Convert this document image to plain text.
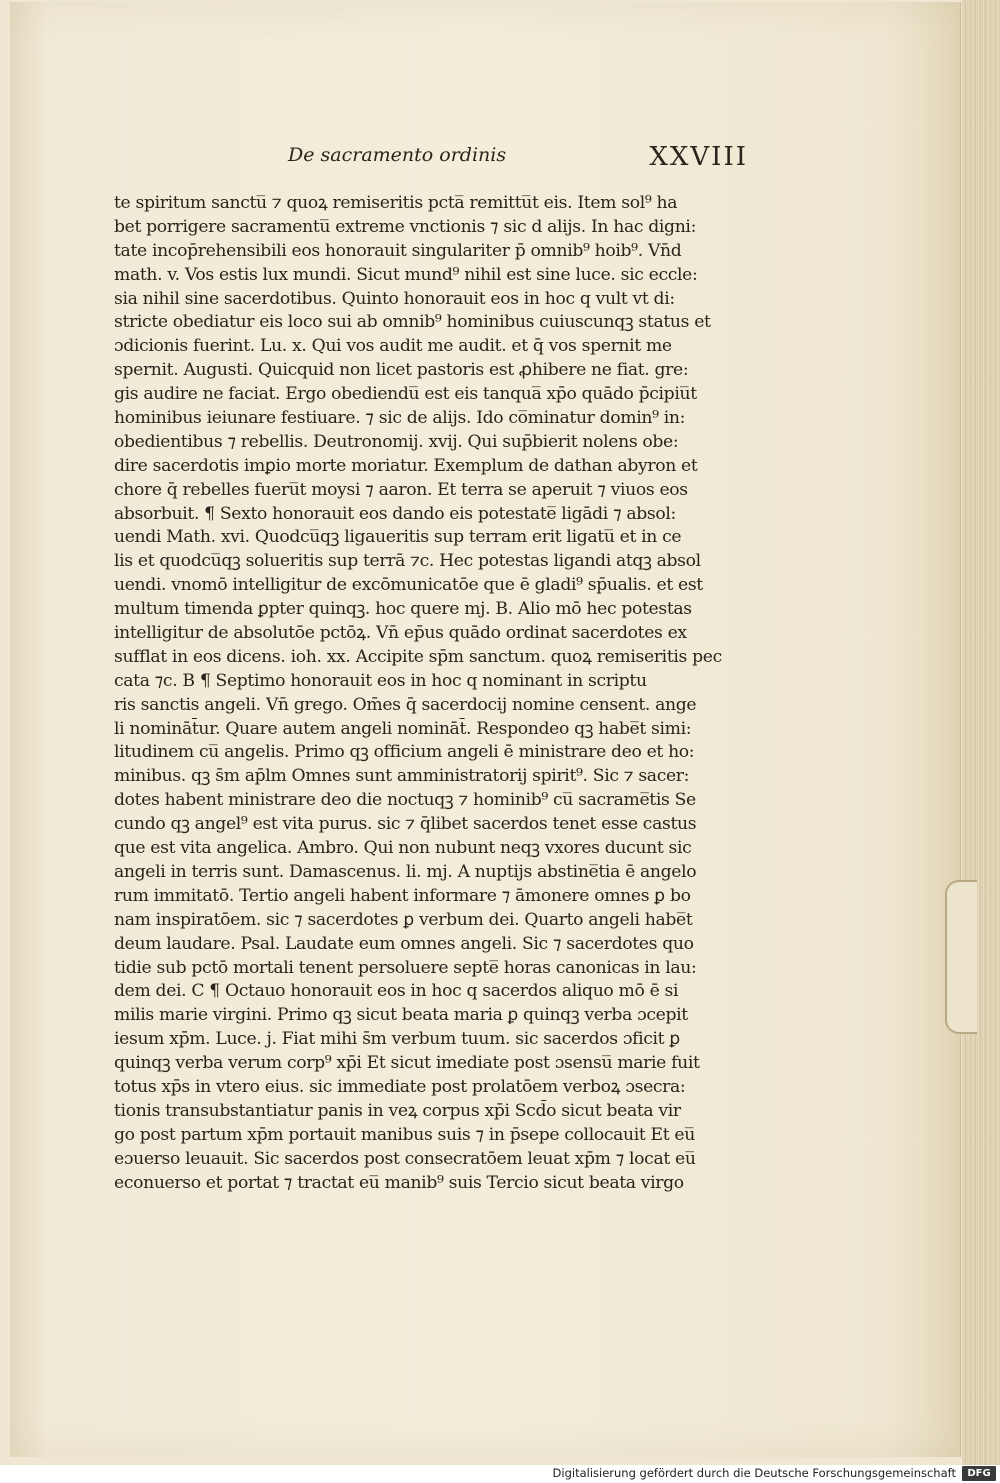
De sacramento ordinis	XXVIII
te spiritum sanctu̅ ⁊ quoꝝ remiseritis pcta̅ remittu̅t eis. Item sol⁹ ha
bet porrigere sacramentu̅ extreme vnctionis ⁊ sic d alijs. In hac digni:
tate incop̄rehensibili eos honorauit singulariter p̄ omnib⁹ hoib⁹. Vn̄d
math. v. Vos estis lux mundi. Sicut mund⁹ nihil est sine luce. sic eccle:
sia nihil sine sacerdotibus. Quinto honorauit eos in hoc q vult vt di:
stricte obediatur eis loco sui ab omnib⁹ hominibus cuiuscunqꝫ status et
ɔdicionis fuerint. Lu. x. Qui vos audit me audit. et q̄ vos spernit me
spernit. Augusti. Quicquid non licet pastoris est ꝓhibere ne fiat. gre:
gis audire ne faciat. Ergo obediendu̅ est eis tanqua̅ xp̄o quādo p̄cipiu̅t
hominibus ieiunare festiuare. ⁊ sic de alijs. Ido co̅minatur domin⁹ in:
obedientibus ⁊ rebellis. Deutronomij. xvij. Qui sup̄bierit nolens obe:
dire sacerdotis imꝑio morte moriatur. Exemplum de dathan abyron et
chore q̄ rebelles fueru̅t moysi ⁊ aaron. Et terra se aperuit ⁊ viuos eos
absorbuit. ¶ Sexto honorauit eos dando eis potestate̅ ligādi ⁊ absol:
uendi Math. xvi. Quodcu̅qꝫ ligaueritis sup terram erit ligatu̅ et in ce
lis et quodcu̅qꝫ solueritis sup terrā ⁊c. Hec potestas ligandi atqꝫ absol
uendi. vnomō intelligitur de excōmunicatōe que ē gladi⁹ sp̄ualis. et est
multum timenda ꝑpter quinqꝫ. hoc quere mj. B. Alio mō hec potestas
intelligitur de absolutōe pctōꝝ. Vn̄ ep̄us quādo ordinat sacerdotes ex
sufflat in eos dicens. ioh. xx. Accipite sp̄m sanctum. quoꝝ remiseritis pec
cata ⁊c. B ¶ Septimo honorauit eos in hoc q nominant in scriptu
ris sanctis angeli. Vn̄ grego. Om̄es q̄ sacerdocij nomine censent. ange
li nomināt̄ur. Quare autem angeli nomināt̄. Respondeo qꝫ habe̅t simi:
litudinem cu̅ angelis. Primo qꝫ officium angeli ē ministrare deo et ho:
minibus. qꝫ s̄m ap̄lm Omnes sunt amministratorij spirit⁹. Sic ⁊ sacer:
dotes habent ministrare deo die noctuqꝫ ⁊ hominib⁹ cu̅ sacrame̅tis Se
cundo qꝫ angel⁹ est vita purus. sic ⁊ q̄libet sacerdos tenet esse castus
que est vita angelica. Ambro. Qui non nubunt neqꝫ vxores ducunt sic
angeli in terris sunt. Damascenus. li. mj. A nuptijs abstine̅tia ē angelo
rum immitatō. Tertio angeli habent informare ⁊ āmonere omnes ꝑ bo
nam inspiratōem. sic ⁊ sacerdotes ꝑ verbum dei. Quarto angeli habe̅t
deum laudare. Psal. Laudate eum omnes angeli. Sic ⁊ sacerdotes quo
tidie sub pctō mortali tenent persoluere septe̅ horas canonicas in lau:
dem dei. C ¶ Octauo honorauit eos in hoc q sacerdos aliquo mō ē si
milis marie virgini. Primo qꝫ sicut beata maria ꝑ quinqꝫ verba ɔcepit
iesum xp̄m. Luce. j. Fiat mihi s̄m verbum tuum. sic sacerdos ɔficit ꝑ
quinqꝫ verba verum corp⁹ xp̄i Et sicut imediate post ɔsensu̅ marie fuit
totus xp̄s in vtero eius. sic immediate post prolatōem verboꝝ ɔsecra:
tionis transubstantiatur panis in veꝝ corpus xp̄i Scd̄o sicut beata vir
go post partum xp̄m portauit manibus suis ⁊ in p̄sepe collocauit Et eu̅
eɔuerso leuauit. Sic sacerdos post consecratōem leuat xp̄m ⁊ locat eu̅
econuerso et portat ⁊ tractat eu̅ manib⁹ suis Tercio sicut beata virgo
Digitalisierung gefördert durch die Deutsche Forschungsgemeinschaft	DFG
